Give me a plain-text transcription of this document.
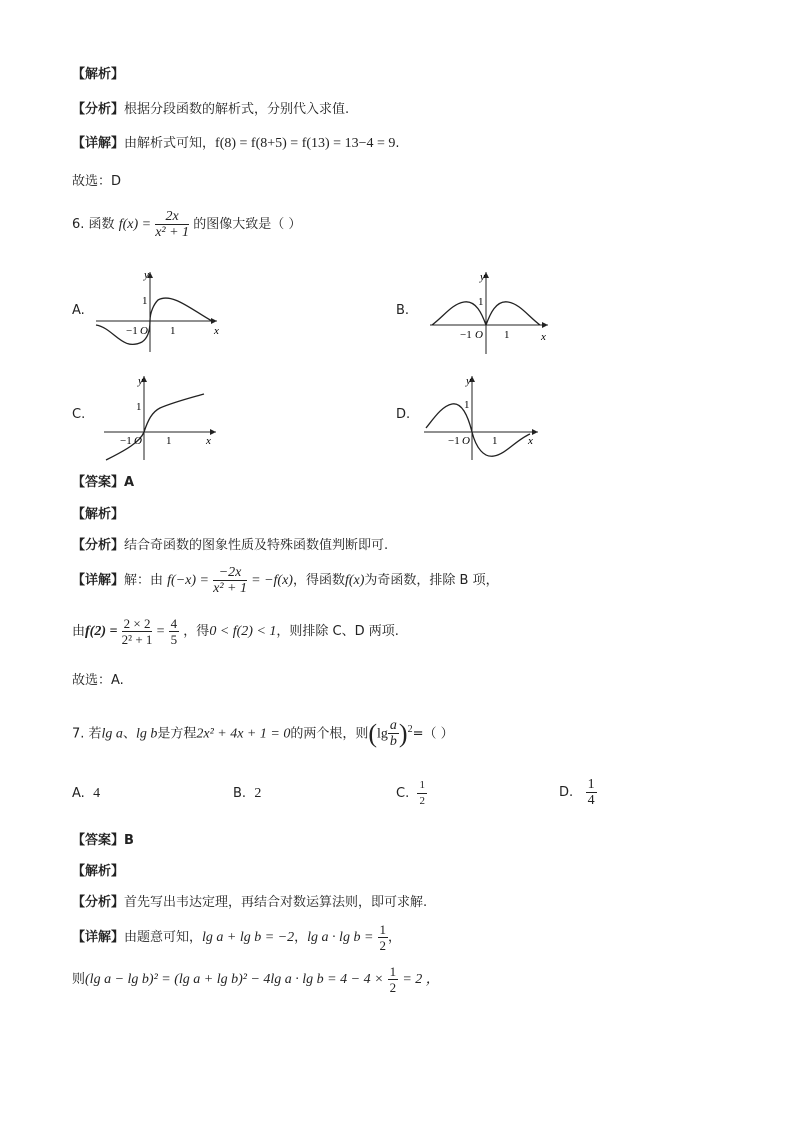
【解析】
【分析】根据分段函数的解析式，分别代入求值.
【详解】由解析式可知，f(8) = f(8+5) = f(13) = 13−4 = 9.
故选：D
6. 函数 $f(x) = \frac{2x}{\text{x² + 1}}$ 的图像大致是（ ）
A.
y
x
1
1
−1 O
B.
y
x
1
1
−1 O
C.
y
x
1
1
−1 O
D.
y
x
1
1
−1 O
【答案】A
【解析】
【分析】结合奇函数的图象性质及特殊函数值判断即可.
【详解】解：由 $f(-x) = \frac{-2x}{\text{x² + 1}} = -f(x)$，得函数f(x)为奇函数，排除 B 项，
由$f(2) = \frac{2 \times 2}{\text{2² + 1}} = \frac{4}{5}$ ，得0 < f(2) < 1，则排除 C、D 两项.
故选：A.
7. 若lg a、lg b是方程2x² + 4x + 1 = 0的两个根，则$(\lg \frac{a}{b} )^2=$（ ）
A. 4	B. 2	C. $\frac{1}{2}$	D. $\frac{1}{4}$
【答案】B
【解析】
【分析】首先写出韦达定理，再结合对数运算法则，即可求解.
【详解】由题意可知，lg a + lg b = −2，$\lg a \cdot \lg b = \frac{1}{2}$ ，
则(lg a − lg b)² = (lg a + lg b)² − 4lg $a \cdot \lg b = 4 - 4 \times \frac{1}{2} = 2$ ，
